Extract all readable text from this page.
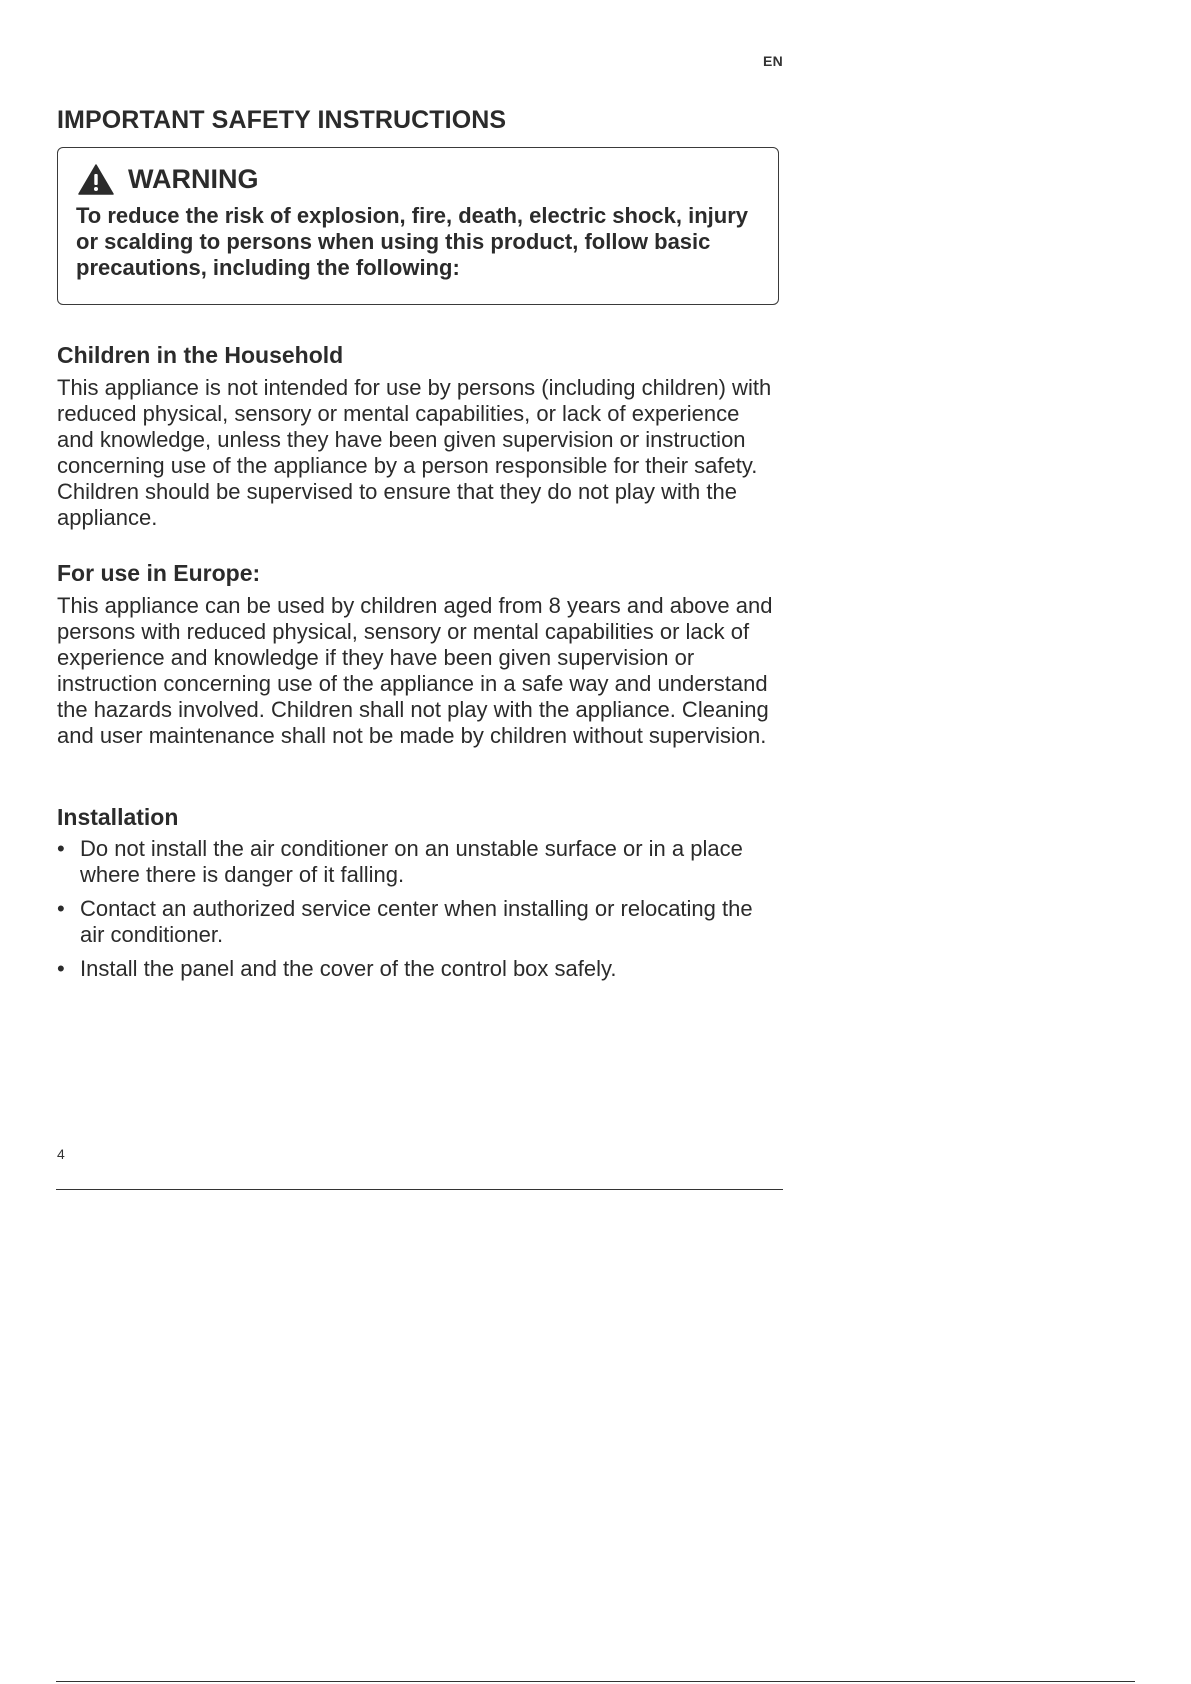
EN
IMPORTANT SAFETY INSTRUCTIONS
WARNING

To reduce the risk of explosion, fire, death, electric shock, injury or scalding to persons when using this product, follow basic precautions, including the following:

Children in the Household

This appliance is not intended for use by persons (including children) with reduced physical, sensory or mental capabilities, or lack of experience and knowledge, unless they have been given supervision or instruction concerning use of the appliance by a person responsible for their safety. Children should be supervised to ensure that they do not play with the appliance.

For use in Europe:

This appliance can be used by children aged from 8 years and above and persons with reduced physical, sensory or mental capabilities or lack of experience and knowledge if they have been given supervision or instruction concerning use of the appliance in a safe way and understand the hazards involved. Children shall not play with the appliance. Cleaning and user maintenance shall not be made by children without supervision.

Installation
• Do not install the air conditioner on an unstable surface or in a place where there is danger of it falling.
• Contact an authorized service center when installing or relocating the air conditioner.
• Install the panel and the cover of the control box safely.
4
